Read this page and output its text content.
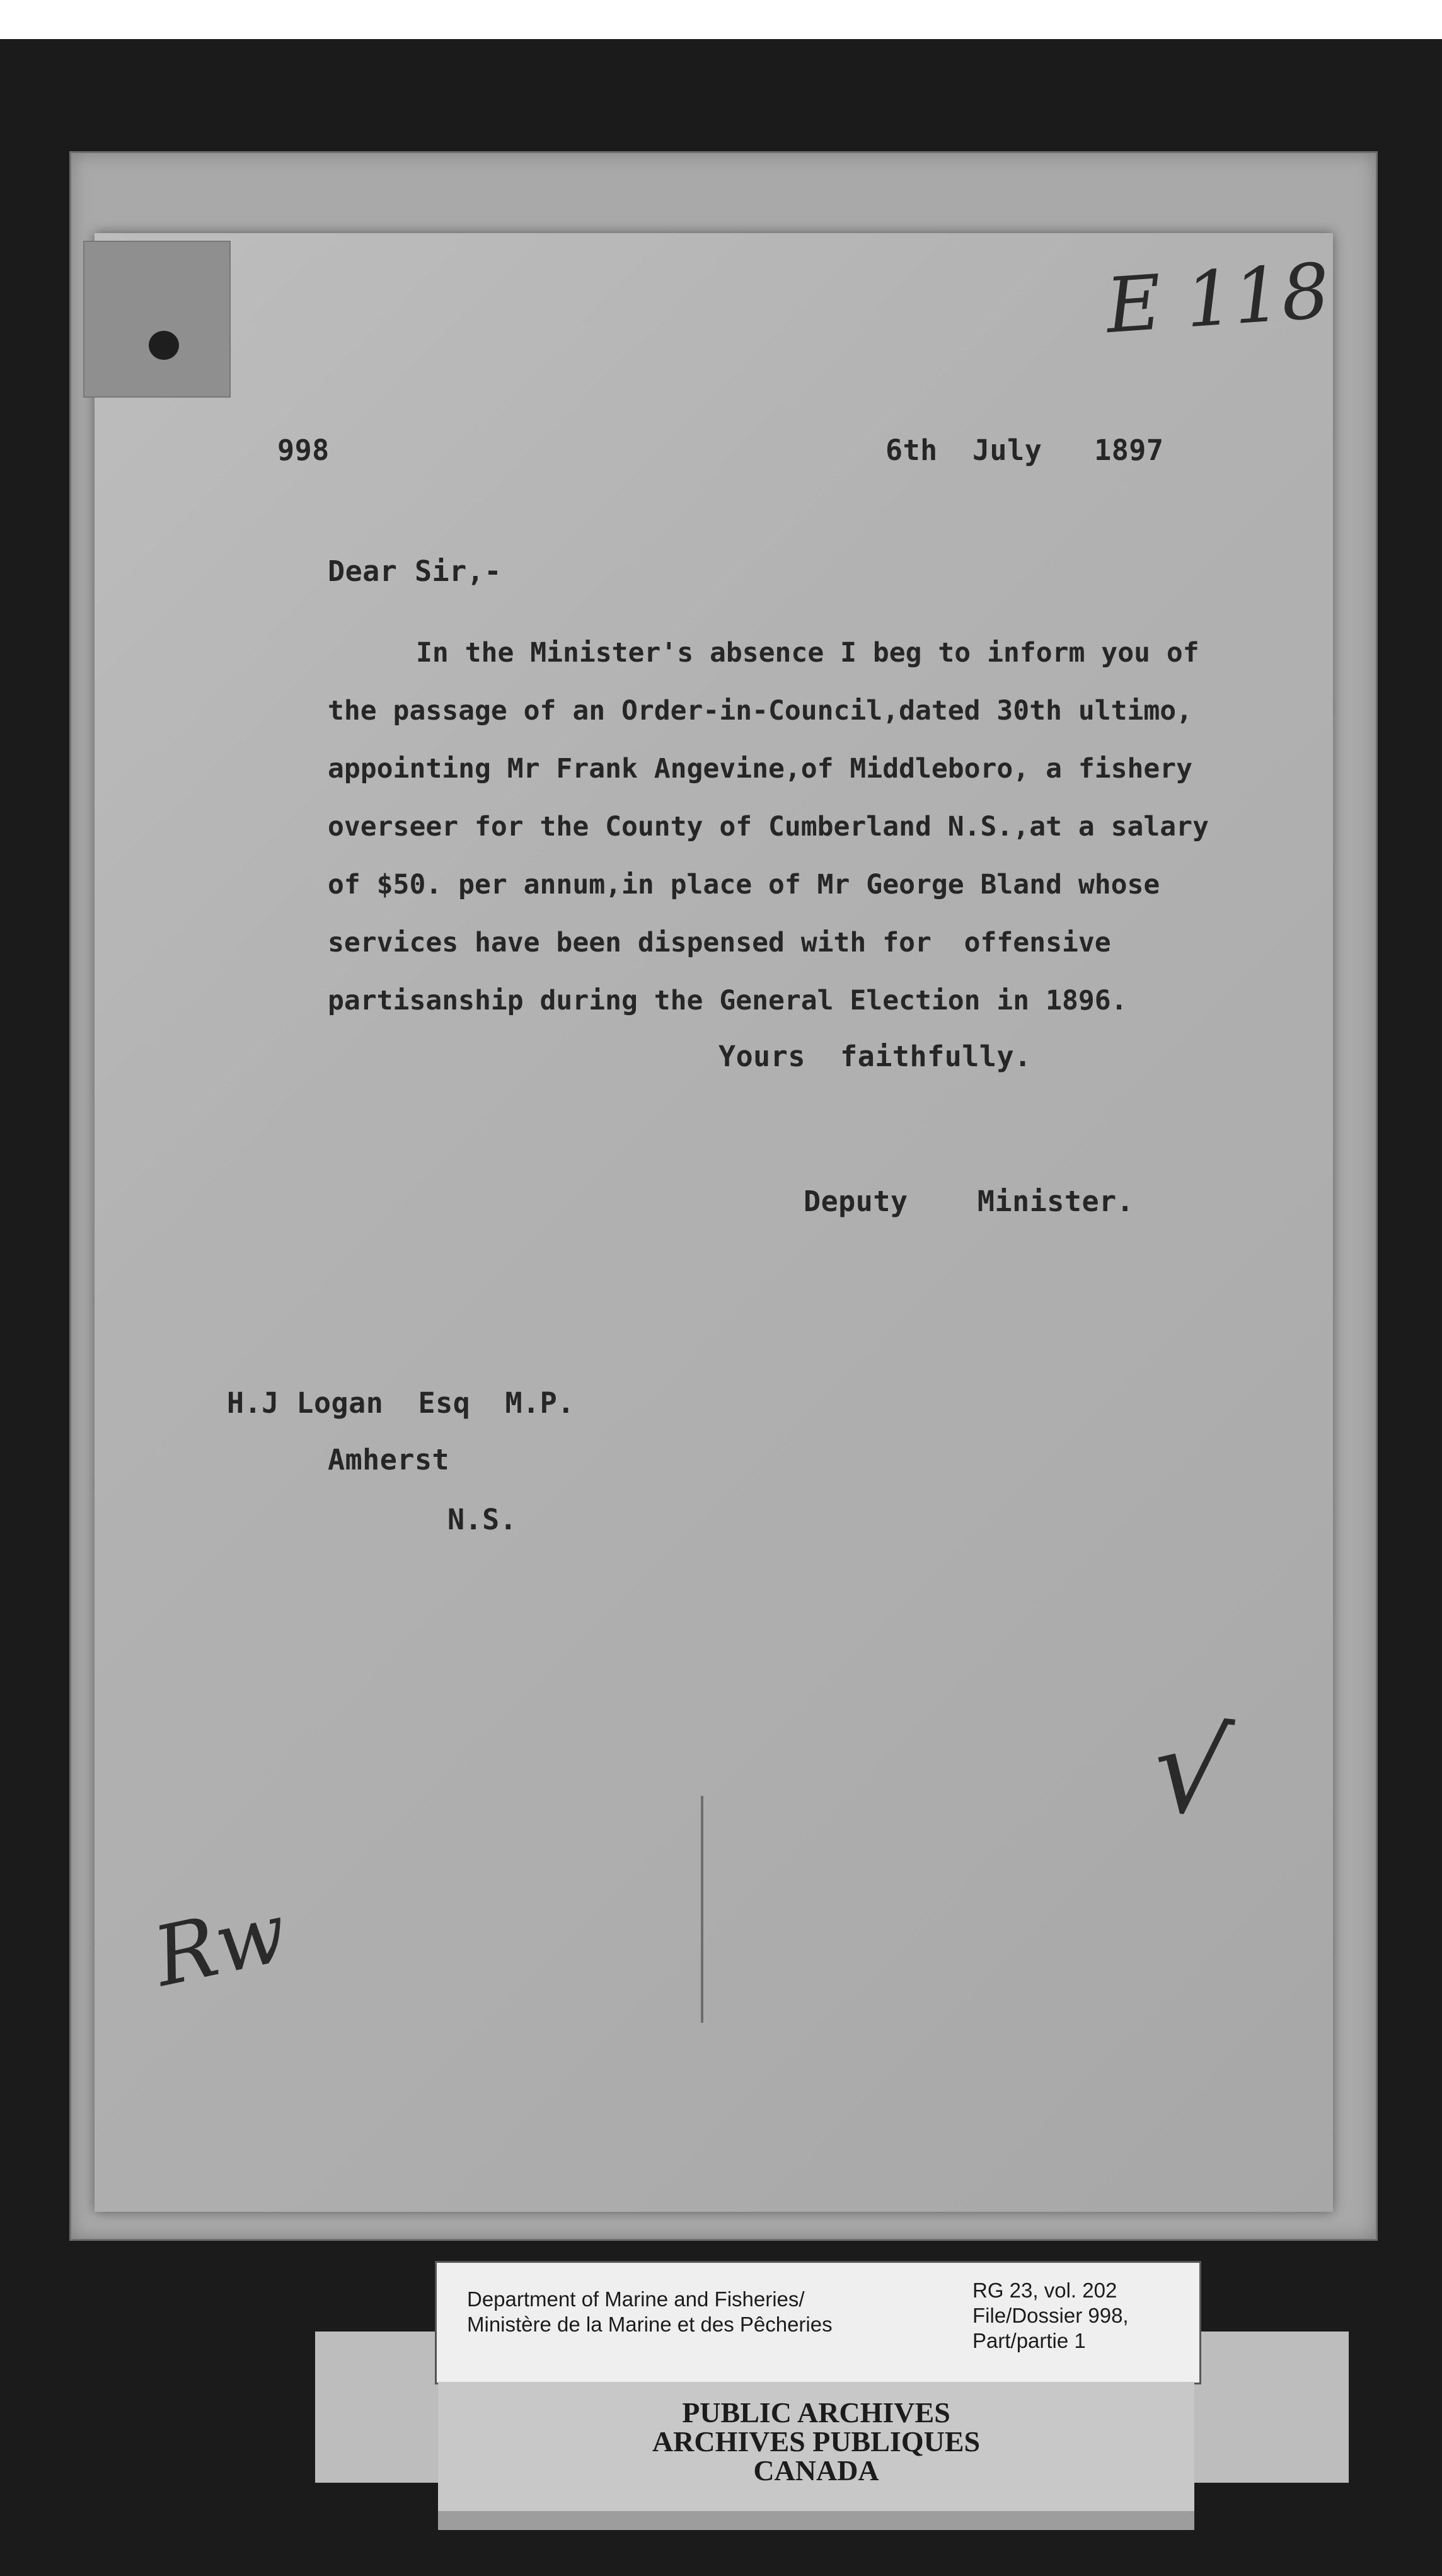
E 118
998	6th  July   1897
Dear Sir,-
In the Minister's absence I beg to inform you of
the passage of an Order-in-Council,dated 30th ultimo,
appointing Mr Frank Angevine,of Middleboro, a fishery
overseer for the County of Cumberland N.S.,at a salary
of $50. per annum,in place of Mr George Bland whose
services have been dispensed with for  offensive
partisanship during the General Election in 1896.
Yours  faithfully.
Deputy    Minister.
H.J Logan  Esq  M.P.
Amherst
N.S.
√
Rw
Department of Marine and Fisheries/
Ministère de la Marine et des Pêcheries
RG 23, vol. 202
File/Dossier 998,
Part/partie 1
PUBLIC ARCHIVES
ARCHIVES PUBLIQUES
CANADA
